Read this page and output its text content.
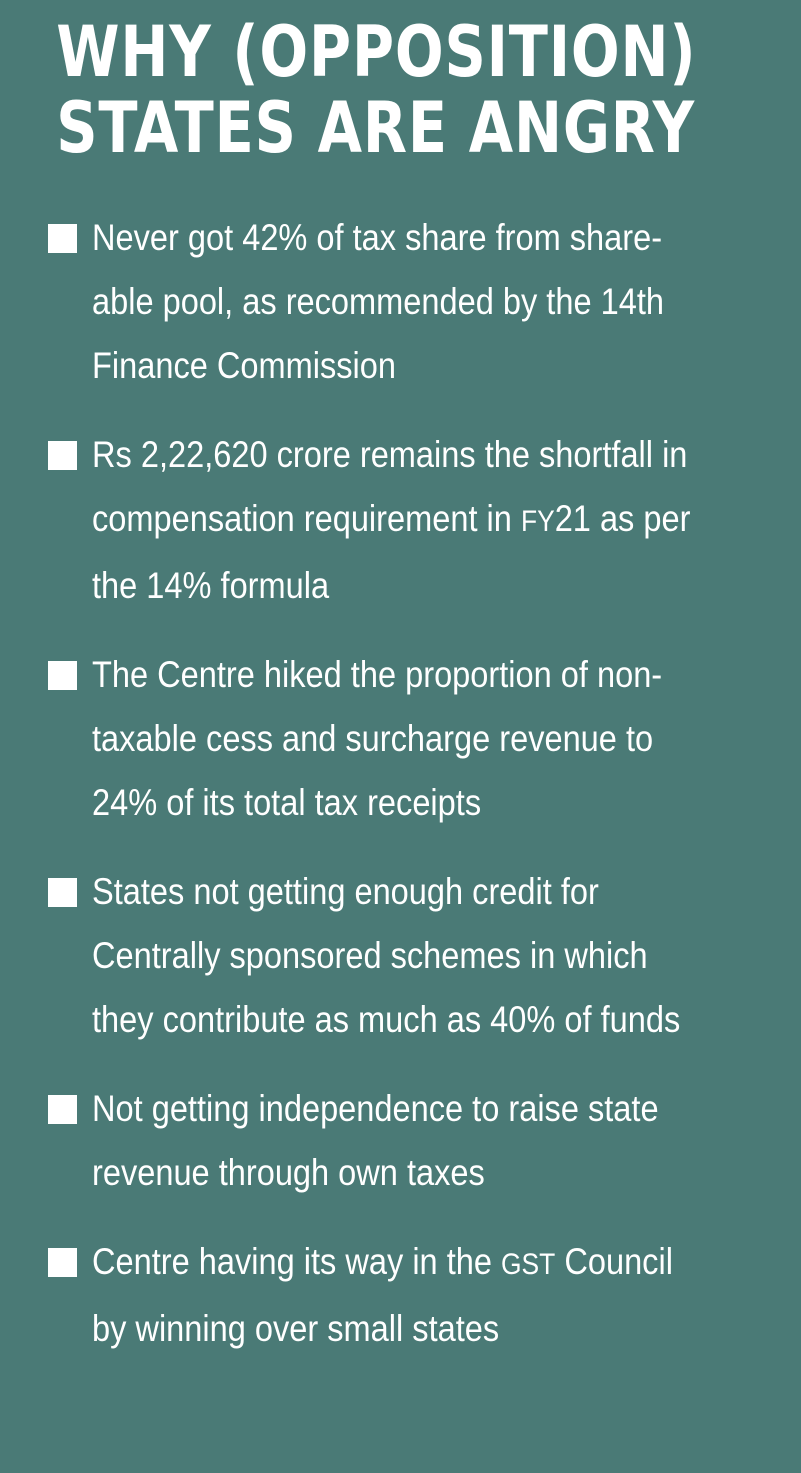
WHY (OPPOSITION)
STATES ARE ANGRY
Never got 42% of tax share from share-able pool, as recommended by the 14th Finance Commission
Rs 2,22,620 crore remains the shortfall in compensation requirement in FY21 as per the 14% formula
The Centre hiked the proportion of non-taxable cess and surcharge revenue to 24% of its total tax receipts
States not getting enough credit for Centrally sponsored schemes in which they contribute as much as 40% of funds
Not getting independence to raise state revenue through own taxes
Centre having its way in the GST Council by winning over small states
